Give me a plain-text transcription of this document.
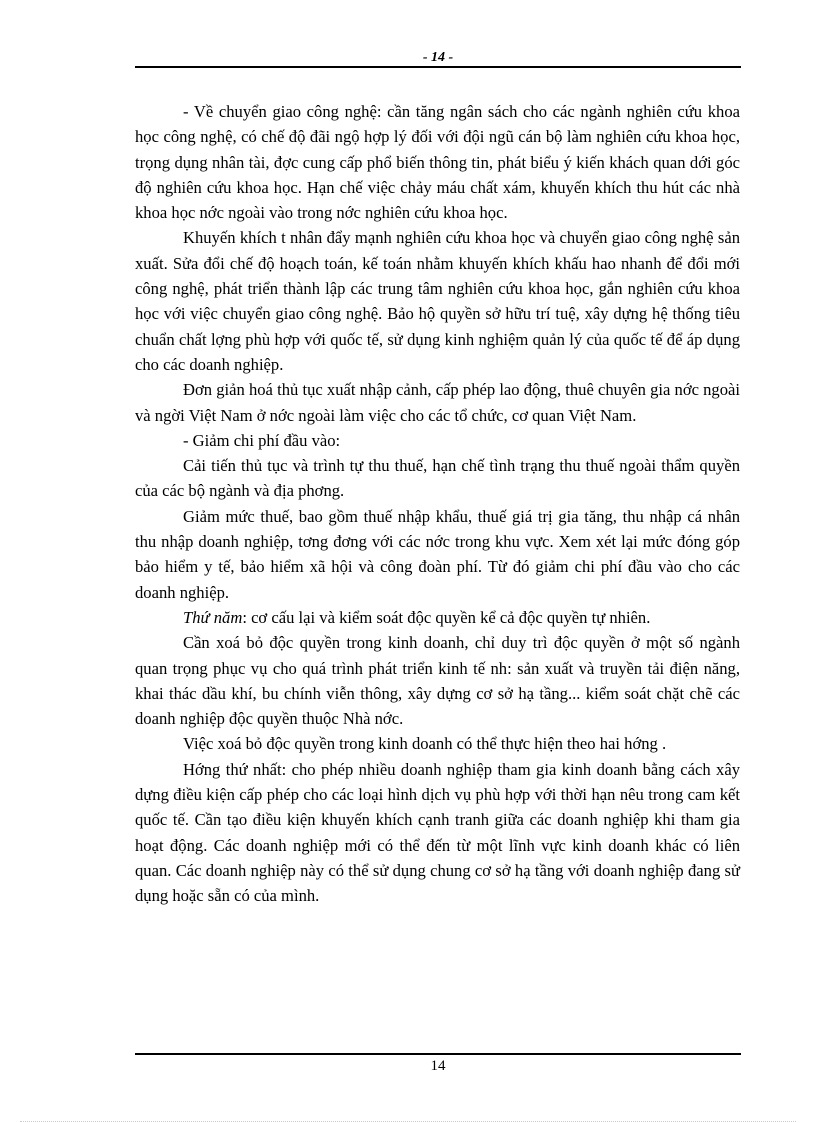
- 14 -

- Về chuyển giao công nghệ: cần tăng ngân sách cho các ngành nghiên cứu khoa học công nghệ, có chế độ đãi ngộ hợp lý đối với đội ngũ cán bộ làm nghiên cứu khoa học, trọng dụng nhân tài, đợc cung cấp phổ biến thông tin, phát biểu ý kiến khách quan dới góc độ nghiên cứu khoa học. Hạn chế việc chảy máu chất xám, khuyến khích thu hút các nhà khoa học nớc ngoài vào trong nớc nghiên cứu khoa học.

Khuyến khích t nhân đẩy mạnh nghiên cứu khoa học và chuyển giao công nghệ sản xuất. Sửa đổi chế độ hoạch toán, kế toán nhằm khuyến khích khấu hao nhanh để đổi mới công nghệ, phát triển thành lập các trung tâm nghiên cứu khoa học, gắn nghiên cứu khoa học với việc chuyển giao công nghệ. Bảo hộ quyền sở hữu trí tuệ, xây dựng hệ thống tiêu chuẩn chất lợng phù hợp với quốc tế, sử dụng kinh nghiệm quản lý của quốc tế để áp dụng cho các doanh nghiệp.

Đơn giản hoá thủ tục xuất nhập cảnh, cấp phép lao động, thuê chuyên gia nớc ngoài và ngời Việt Nam ở nớc ngoài làm việc cho các tổ chức, cơ quan Việt Nam.

- Giảm chi phí đầu vào:

Cải tiến thủ tục và trình tự thu thuế, hạn chế tình trạng thu thuế ngoài thẩm quyền của các bộ ngành và địa phơng.

Giảm mức thuế, bao gồm thuế nhập khẩu, thuế giá trị gia tăng, thu nhập cá nhân thu nhập doanh nghiệp, tơng đơng với các nớc trong khu vực. Xem xét lại mức đóng góp bảo hiểm y tế, bảo hiểm xã hội và công đoàn phí. Từ đó giảm chi phí đầu vào cho các doanh nghiệp.

Thứ năm: cơ cấu lại và kiểm soát độc quyền kể cả độc quyền tự nhiên.

Cần xoá bỏ độc quyền trong kinh doanh, chỉ duy trì độc quyền ở một số ngành quan trọng phục vụ cho quá trình phát triển kinh tế nh: sản xuất và truyền tải điện năng, khai thác dầu khí, bu chính viễn thông, xây dựng cơ sở hạ tầng... kiểm soát chặt chẽ các doanh nghiệp độc quyền thuộc Nhà nớc.

Việc xoá bỏ độc quyền trong kinh doanh có thể thực hiện theo hai hớng .

Hớng thứ nhất: cho phép nhiều doanh nghiệp tham gia kinh doanh bằng cách xây dựng điều kiện cấp phép cho các loại hình dịch vụ phù hợp với thời hạn nêu trong cam kết quốc tế. Cần tạo điều kiện khuyến khích cạnh tranh giữa các doanh nghiệp khi tham gia hoạt động. Các doanh nghiệp mới có thể đến từ một lĩnh vực kinh doanh khác có liên quan. Các doanh nghiệp này có thể sử dụng chung cơ sở hạ tầng với doanh nghiệp đang sử dụng hoặc sẵn có của mình.

14
